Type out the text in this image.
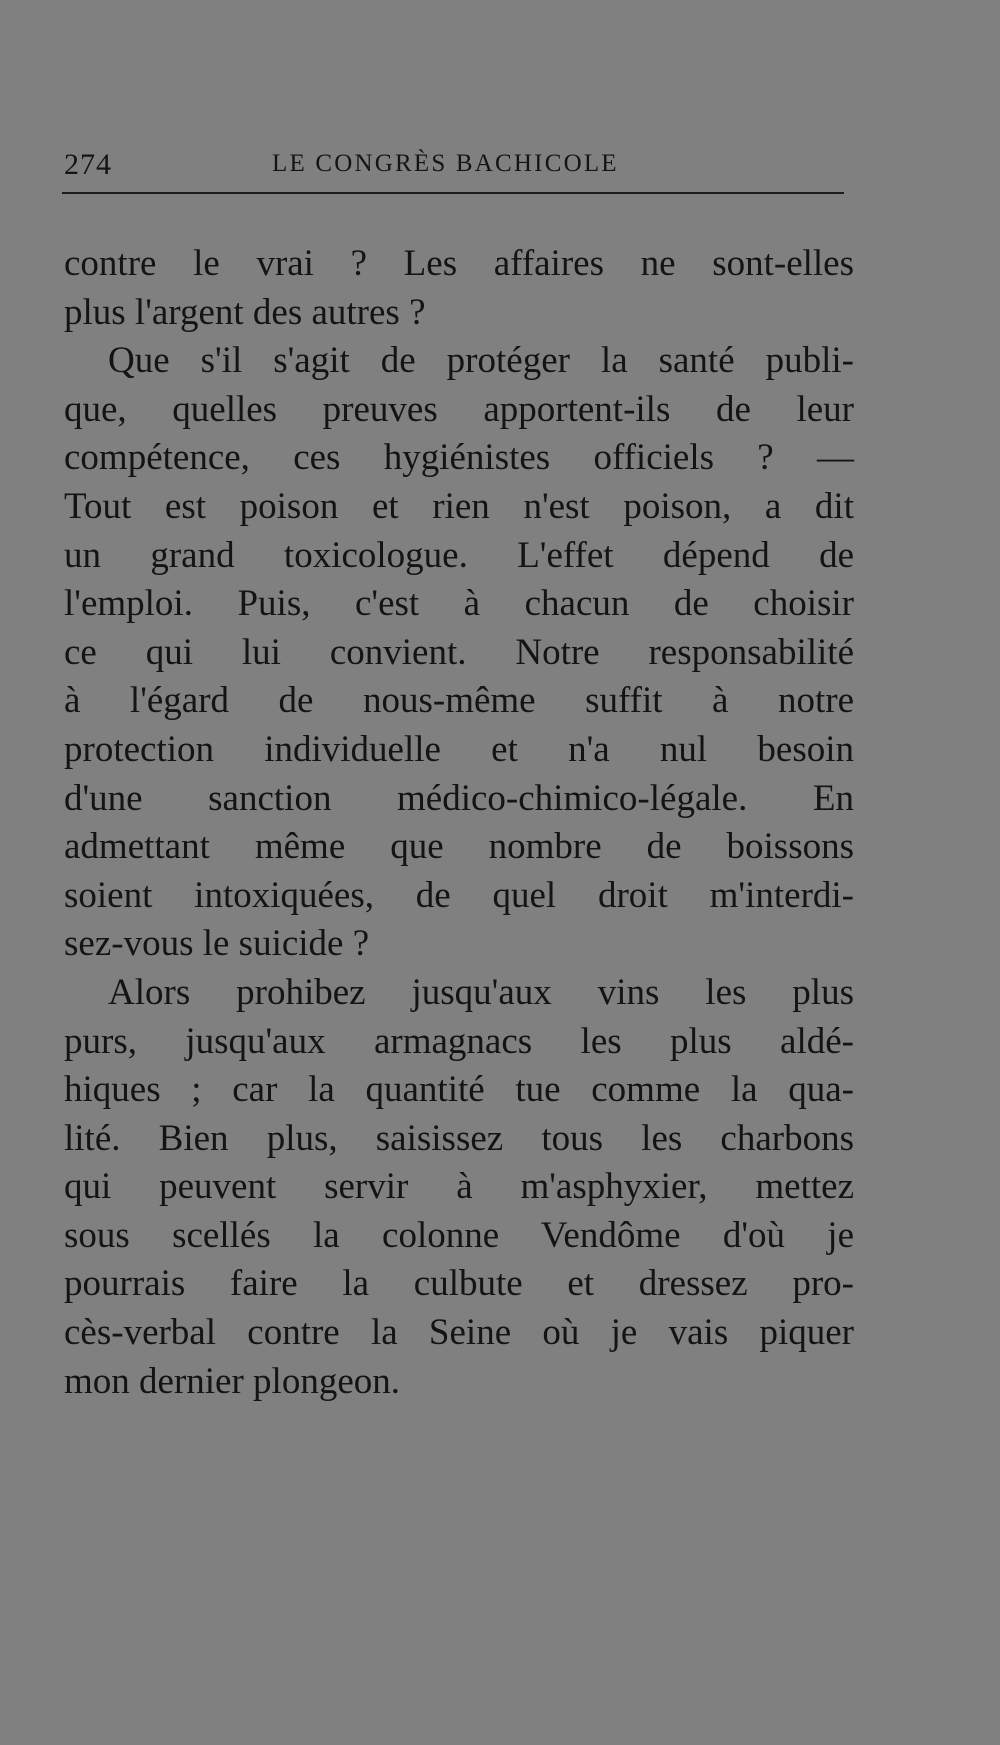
274	LE CONGRÈS BACHICOLE
contre le vrai ? Les affaires ne sont-elles
plus l'argent des autres ?
Que s'il s'agit de protéger la santé publi-
que, quelles preuves apportent-ils de leur
compétence, ces hygiénistes officiels ? —
Tout est poison et rien n'est poison, a dit
un grand toxicologue. L'effet dépend de
l'emploi. Puis, c'est à chacun de choisir
ce qui lui convient. Notre responsabilité
à l'égard de nous-même suffit à notre
protection individuelle et n'a nul besoin
d'une sanction médico-chimico-légale. En
admettant même que nombre de boissons
soient intoxiquées, de quel droit m'interdi-
sez-vous le suicide ?
Alors prohibez jusqu'aux vins les plus
purs, jusqu'aux armagnacs les plus aldé-
hiques ; car la quantité tue comme la qua-
lité. Bien plus, saisissez tous les charbons
qui peuvent servir à m'asphyxier, mettez
sous scellés la colonne Vendôme d'où je
pourrais faire la culbute et dressez pro-
cès-verbal contre la Seine où je vais piquer
mon dernier plongeon.
